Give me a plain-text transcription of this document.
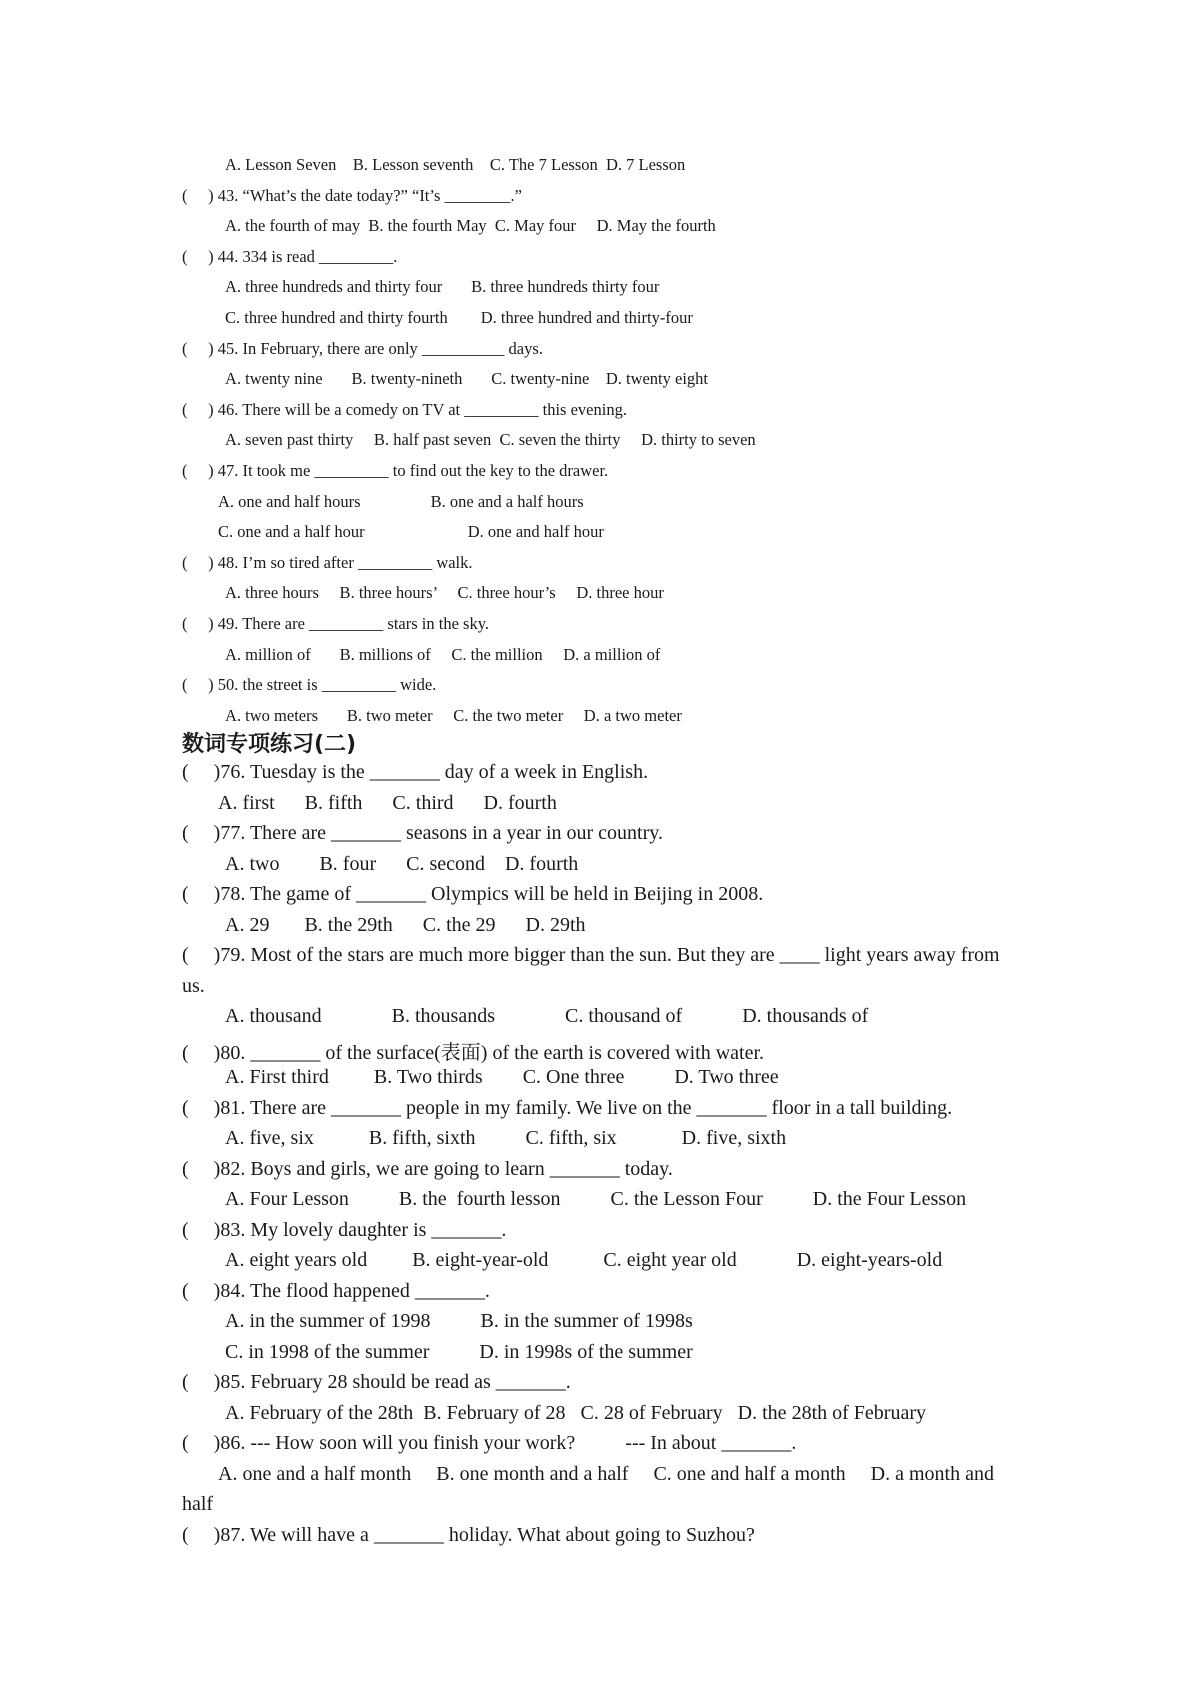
A. Lesson Seven    B. Lesson seventh    C. The 7 Lesson  D. 7 Lesson
(     ) 43. “What’s the date today?” “It’s ________.”
A. the fourth of may  B. the fourth May  C. May four     D. May the fourth
(     ) 44. 334 is read _________.
A. three hundreds and thirty four       B. three hundreds thirty four
C. three hundred and thirty fourth        D. three hundred and thirty-four
(     ) 45. In February, there are only __________ days.
A. twenty nine       B. twenty-nineth       C. twenty-nine    D. twenty eight
(     ) 46. There will be a comedy on TV at _________ this evening.
A. seven past thirty     B. half past seven  C. seven the thirty     D. thirty to seven
(     ) 47. It took me _________ to find out the key to the drawer.
A. one and half hours                 B. one and a half hours
C. one and a half hour                         D. one and half hour
(     ) 48. I’m so tired after _________ walk.
A. three hours     B. three hours’     C. three hour’s     D. three hour
(     ) 49. There are _________ stars in the sky.
A. million of       B. millions of     C. the million     D. a million of
(     ) 50. the street is _________ wide.
A. two meters       B. two meter     C. the two meter     D. a two meter
数词专项练习(二)
(     )76. Tuesday is the _______ day of a week in English.
A. first      B. fifth      C. third      D. fourth
(     )77. There are _______ seasons in a year in our country.
A. two        B. four      C. second    D. fourth
(     )78. The game of _______ Olympics will be held in Beijing in 2008.
A. 29       B. the 29th      C. the 29      D. 29th
(     )79. Most of the stars are much more bigger than the sun. But they are ____ light years away from
us.
A. thousand              B. thousands              C. thousand of            D. thousands of
(     )80. _______ of the surface(表面) of the earth is covered with water.
A. First third         B. Two thirds        C. One three          D. Two three
(     )81. There are _______ people in my family. We live on the _______ floor in a tall building.
A. five, six           B. fifth, sixth          C. fifth, six             D. five, sixth
(     )82. Boys and girls, we are going to learn _______ today.
A. Four Lesson          B. the  fourth lesson          C. the Lesson Four          D. the Four Lesson
(     )83. My lovely daughter is _______.
A. eight years old         B. eight-year-old           C. eight year old            D. eight-years-old
(     )84. The flood happened _______.
A. in the summer of 1998          B. in the summer of 1998s
C. in 1998 of the summer          D. in 1998s of the summer
(     )85. February 28 should be read as _______.
A. February of the 28th  B. February of 28   C. 28 of February   D. the 28th of February
(     )86. --- How soon will you finish your work?          --- In about _______.
A. one and a half month     B. one month and a half     C. one and half a month     D. a month and
half
(     )87. We will have a _______ holiday. What about going to Suzhou?
